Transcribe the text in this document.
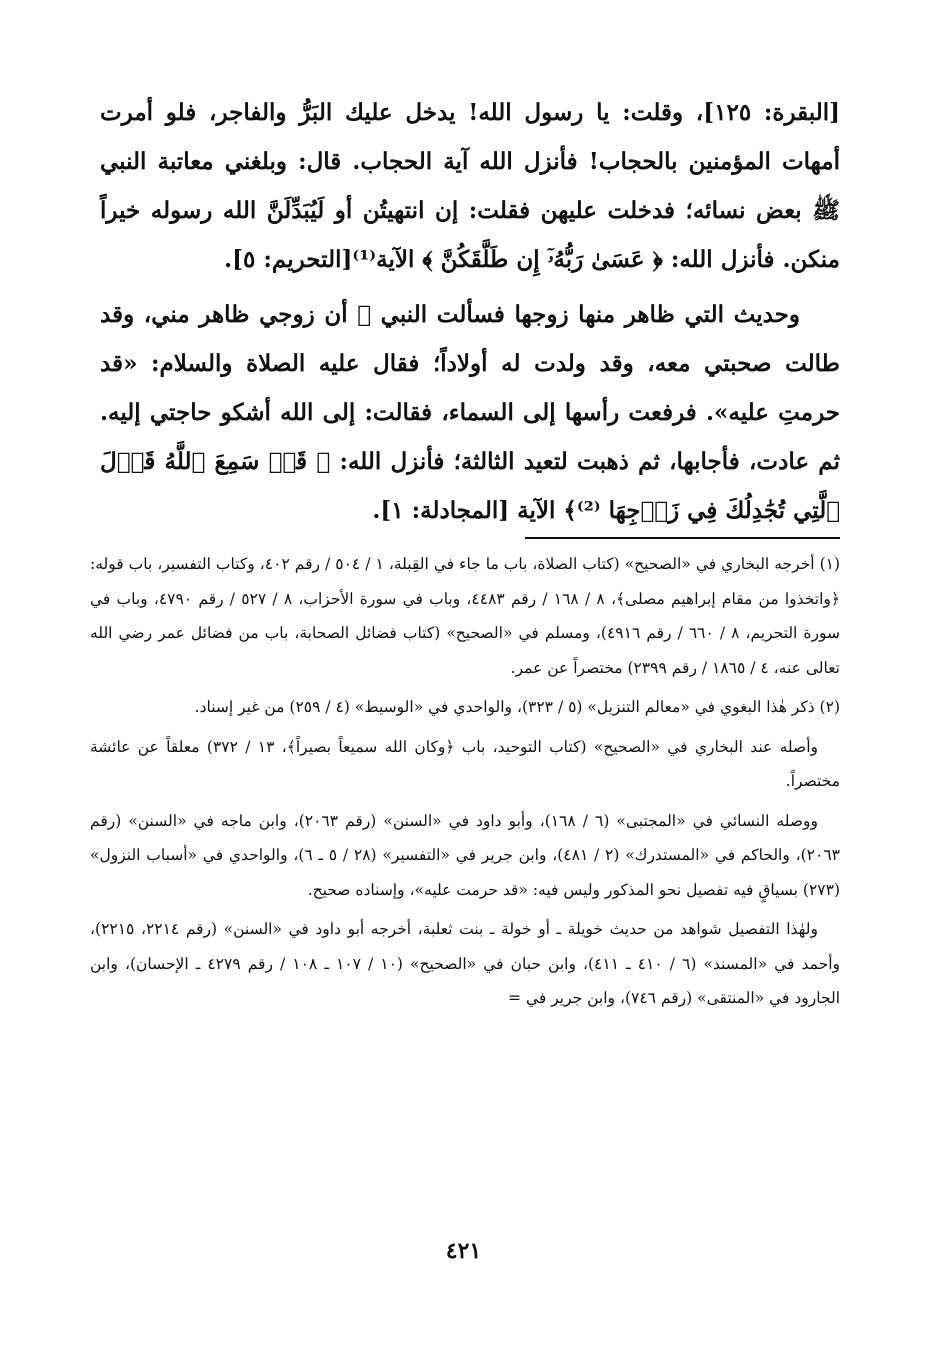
[البقرة: ١٢٥]، وقلت: يا رسول الله! يدخل عليك البَرُّ والفاجر، فلو أمرت أمهات المؤمنين بالحجاب! فأنزل الله آية الحجاب. قال: وبلغني معاتبة النبي ﷺ بعض نسائه؛ فدخلت عليهن فقلت: إن انتهيتُن أو لَيُبَدِّلَنَّ الله رسوله خيراً منكن. فأنزل الله: ﴿ عَسَىٰ رَبُّهُۥٓ إِن طَلَّقَكُنَّ ﴾ الآية⁽¹⁾[التحريم: ٥].

وحديث التي ظاهر منها زوجها فسألت النبي ﷺ أن زوجي ظاهر مني، وقد طالت صحبتي معه، وقد ولدت له أولاداً؛ فقال عليه الصلاة والسلام: «قد حرمتِ عليه». فرفعت رأسها إلى السماء، فقالت: إلى الله أشكو حاجتي إليه. ثم عادت، فأجابها، ثم ذهبت لتعيد الثالثة؛ فأنزل الله: ﴿ قَدۡ سَمِعَ ٱللَّهُ قَوۡلَ ٱلَّتِي تُجَٰدِلُكَ فِي زَوۡجِهَا ⁽²⁾﴾ الآية [المجادلة: ١].

(١) أخرجه البخاري في «الصحيح» (كتاب الصلاة، باب ما جاء في القِبلة، ١ / ٥٠٤ / رقم ٤٠٢، وكتاب التفسير، باب قوله: ﴿واتخذوا من مقام إبراهيم مصلى﴾، ٨ / ١٦٨ / رقم ٤٤٨٣، وباب في سورة الأحزاب، ٨ / ٥٢٧ / رقم ٤٧٩٠، وباب في سورة التحريم، ٨ / ٦٦٠ / رقم ٤٩١٦)، ومسلم في «الصحيح» (كتاب فضائل الصحابة، باب من فضائل عمر رضي الله تعالى عنه، ٤ / ١٨٦٥ / رقم ٢٣٩٩) مختصراً عن عمر.

(٢) ذكر هٰذا البغوي في «معالم التنزيل» (٥ / ٣٢٣)، والواحدي في «الوسيط» (٤ / ٢٥٩) من غير إسناد.

وأصله عند البخاري في «الصحيح» (كتاب التوحيد، باب ﴿وكان الله سميعاً بصيراً﴾، ١٣ / ٣٧٢) معلقاً عن عائشة مختصراً.

ووصله النسائي في «المجتبى» (٦ / ١٦٨)، وأبو داود في «السنن» (رقم ٢٠٦٣)، وابن ماجه في «السنن» (رقم ٢٠٦٣)، والحاكم في «المستدرك» (٢ / ٤٨١)، وابن جرير في «التفسير» (٢٨ / ٥ ـ ٦)، والواحدي في «أسباب النزول» (٢٧٣) بسياقٍ فيه تفصيل نحو المذكور وليس فيه: «قد حرمت عليه»، وإسناده صحيح.

ولهٰذا التفصيل شواهد من حديث خويلة ـ أو خولة ـ بنت ثعلبة، أخرجه أبو داود في «السنن» (رقم ٢٢١٤، ٢٢١٥)، وأحمد في «المسند» (٦ / ٤١٠ ـ ٤١١)، وابن حبان في «الصحيح» (١٠ / ١٠٧ ـ ١٠٨ / رقم ٤٢٧٩ ـ الإحسان)، وابن الجارود في «المنتقى» (رقم ٧٤٦)، وابن جرير في =

٤٢١
